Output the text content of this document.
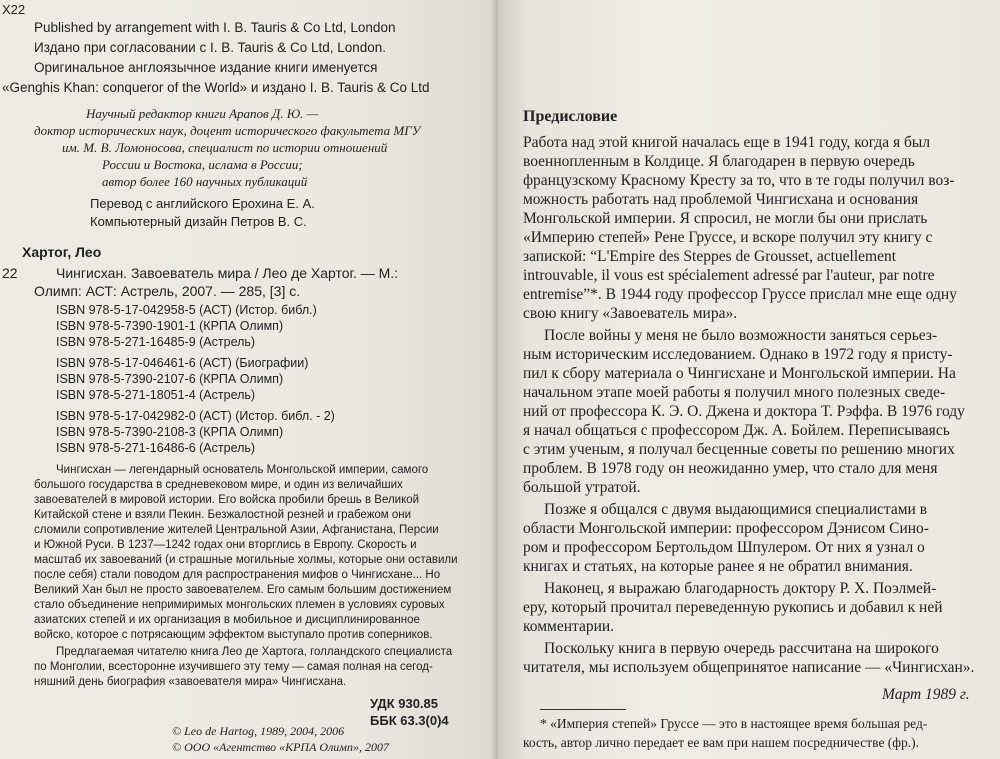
Х22
Published by arrangement with I. B. Tauris & Co Ltd, London
Издано при согласовании с I. B. Tauris & Co Ltd, London.
Оригинальное англоязычное издание книги именуется
«Genghis Khan: conqueror of the World» и издано I. B. Tauris & Co Ltd
Научный редактор книги Арапов Д. Ю. —
доктор исторических наук, доцент исторического факультета МГУ
им. М. В. Ломоносова, специалист по истории отношений
России и Востока, ислама в России;
автор более 160 научных публикаций
Перевод с английского Ерохина Е. А.
Компьютерный дизайн Петров В. С.
Хартог, Лео
22	Чингисхан. Завоеватель мира / Лео де Хартог. — М.:
Олимп: АСТ: Астрель, 2007. — 285, [3] с.
ISBN 978-5-17-042958-5 (АСТ) (Истор. библ.)
ISBN 978-5-7390-1901-1 (КРПА Олимп)
ISBN 978-5-271-16485-9 (Астрель)
ISBN 978-5-17-046461-6 (АСТ) (Биографии)
ISBN 978-5-7390-2107-6 (КРПА Олимп)
ISBN 978-5-271-18051-4 (Астрель)
ISBN 978-5-17-042982-0 (АСТ) (Истор. библ. - 2)
ISBN 978-5-7390-2108-3 (КРПА Олимп)
ISBN 978-5-271-16486-6 (Астрель)
Чингисхан — легендарный основатель Монгольской империи, самого
большого государства в средневековом мире, и один из величайших
завоевателей в мировой истории. Его войска пробили брешь в Великой
Китайской стене и взяли Пекин. Безжалостной резней и грабежом они
сломили сопротивление жителей Центральной Азии, Афганистана, Персии
и Южной Руси. В 1237—1242 годах они вторглись в Европу. Скорость и
масштаб их завоеваний (и страшные могильные холмы, которые они оставили
после себя) стали поводом для распространения мифов о Чингисхане... Но
Великий Хан был не просто завоевателем. Его самым большим достижением
стало объединение непримиримых монгольских племен в условиях суровых
азиатских степей и их организация в мобильное и дисциплинированное
войско, которое с потрясающим эффектом выступало против соперников.
Предлагаемая читателю книга Лео де Хартога, голландского специалиста
по Монголии, всесторонне изучившего эту тему — самая полная на сегод-
няшний день биография «завоевателя мира» Чингисхана.
УДК 930.85
ББК 63.3(0)4
© Leo de Hartog, 1989, 2004, 2006
© ООО «Агентство «КРПА Олимп», 2007
Предисловие
Работа над этой книгой началась еще в 1941 году, когда я был
военнопленным в Колдице. Я благодарен в первую очередь
французскому Красному Кресту за то, что в те годы получил воз-
можность работать над проблемой Чингисхана и основания
Монгольской империи. Я спросил, не могли бы они прислать
«Империю степей» Рене Груссе, и вскоре получил эту книгу с
запиской: “L'Empire des Steppes de Grousset, actuellement
introuvable, il vous est spécialement adressé par l'auteur, par notre
entremise”*. В 1944 году профессор Груссе прислал мне еще одну
свою книгу «Завоеватель мира».
После войны у меня не было возможности заняться серьез-
ным историческим исследованием. Однако в 1972 году я присту-
пил к сбору материала о Чингисхане и Монгольской империи. На
начальном этапе моей работы я получил много полезных сведе-
ний от профессора К. Э. О. Джена и доктора Т. Рэффа. В 1976 году
я начал общаться с профессором Дж. А. Бойлем. Переписываясь
с этим ученым, я получал бесценные советы по решению многих
проблем. В 1978 году он неожиданно умер, что стало для меня
большой утратой.
Позже я общался с двумя выдающимися специалистами в
области Монгольской империи: профессором Дэнисом Сино-
ром и профессором Бертольдом Шпулером. От них я узнал о
книгах и статьях, на которые ранее я не обратил внимания.
Наконец, я выражаю благодарность доктору Р. Х. Поэлмей-
еру, который прочитал переведенную рукопись и добавил к ней
комментарии.
Поскольку книга в первую очередь рассчитана на широкого
читателя, мы используем общепринятое написание — «Чингисхан».
Март 1989 г.
* «Империя степей» Груссе — это в настоящее время большая ред-
кость, автор лично передает ее вам при нашем посредничестве (фр.).
